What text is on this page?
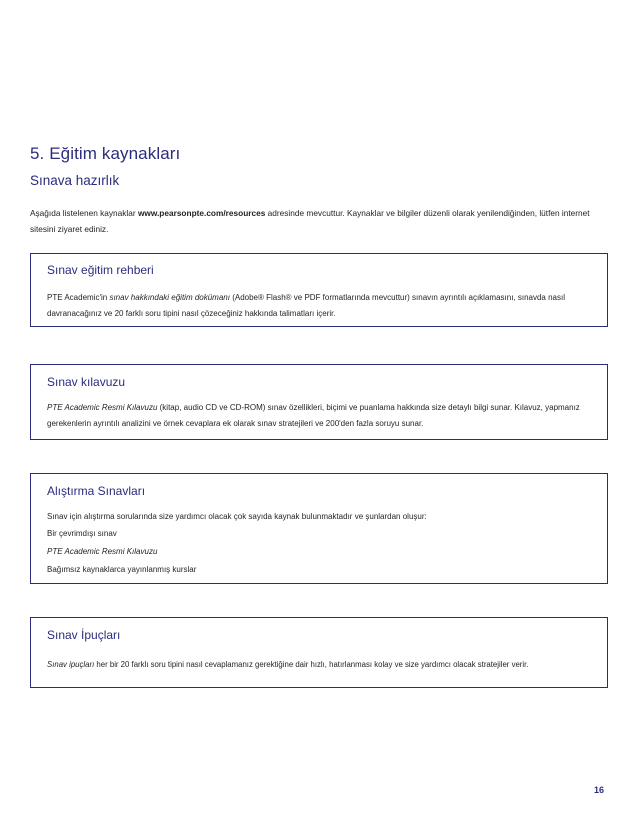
5. Eğitim kaynakları
Sınava hazırlık

Aşağıda listelenen kaynaklar www.pearsonpte.com/resources adresinde mevcuttur. Kaynaklar ve bilgiler düzenli olarak yenilendiğinden, lütfen internet sitesini ziyaret ediniz.

Sınav eğitim rehberi
PTE Academic'in sınav hakkındaki eğitim dokümanı (Adobe® Flash® ve PDF formatlarında mevcuttur) sınavın ayrıntılı açıklamasını, sınavda nasıl davranacağınız ve 20 farklı soru tipini nasıl çözeceğiniz hakkında talimatları içerir.
Sınav kılavuzu
PTE Academic Resmi Kılavuzu (kitap, audio CD ve CD-ROM) sınav özellikleri, biçimi ve puanlama hakkında size detaylı bilgi sunar. Kılavuz, yapmanız gerekenlerin ayrıntılı analizini ve örnek cevaplara ek olarak sınav stratejileri ve 200'den fazla soruyu sunar.
Alıştırma Sınavları
Sınav için alıştırma sorularında size yardımcı olacak çok sayıda kaynak bulunmaktadır ve şunlardan oluşur:
Bir çevrimdışı sınav
PTE Academic Resmi Kılavuzu
Bağımsız kaynaklarca yayınlanmış kurslar
Sınav İpuçları
Sınav ipuçları her bir 20 farklı soru tipini nasıl cevaplamanız gerektiğine dair hızlı, hatırlanması kolay ve size yardımcı olacak stratejiler verir.
16
